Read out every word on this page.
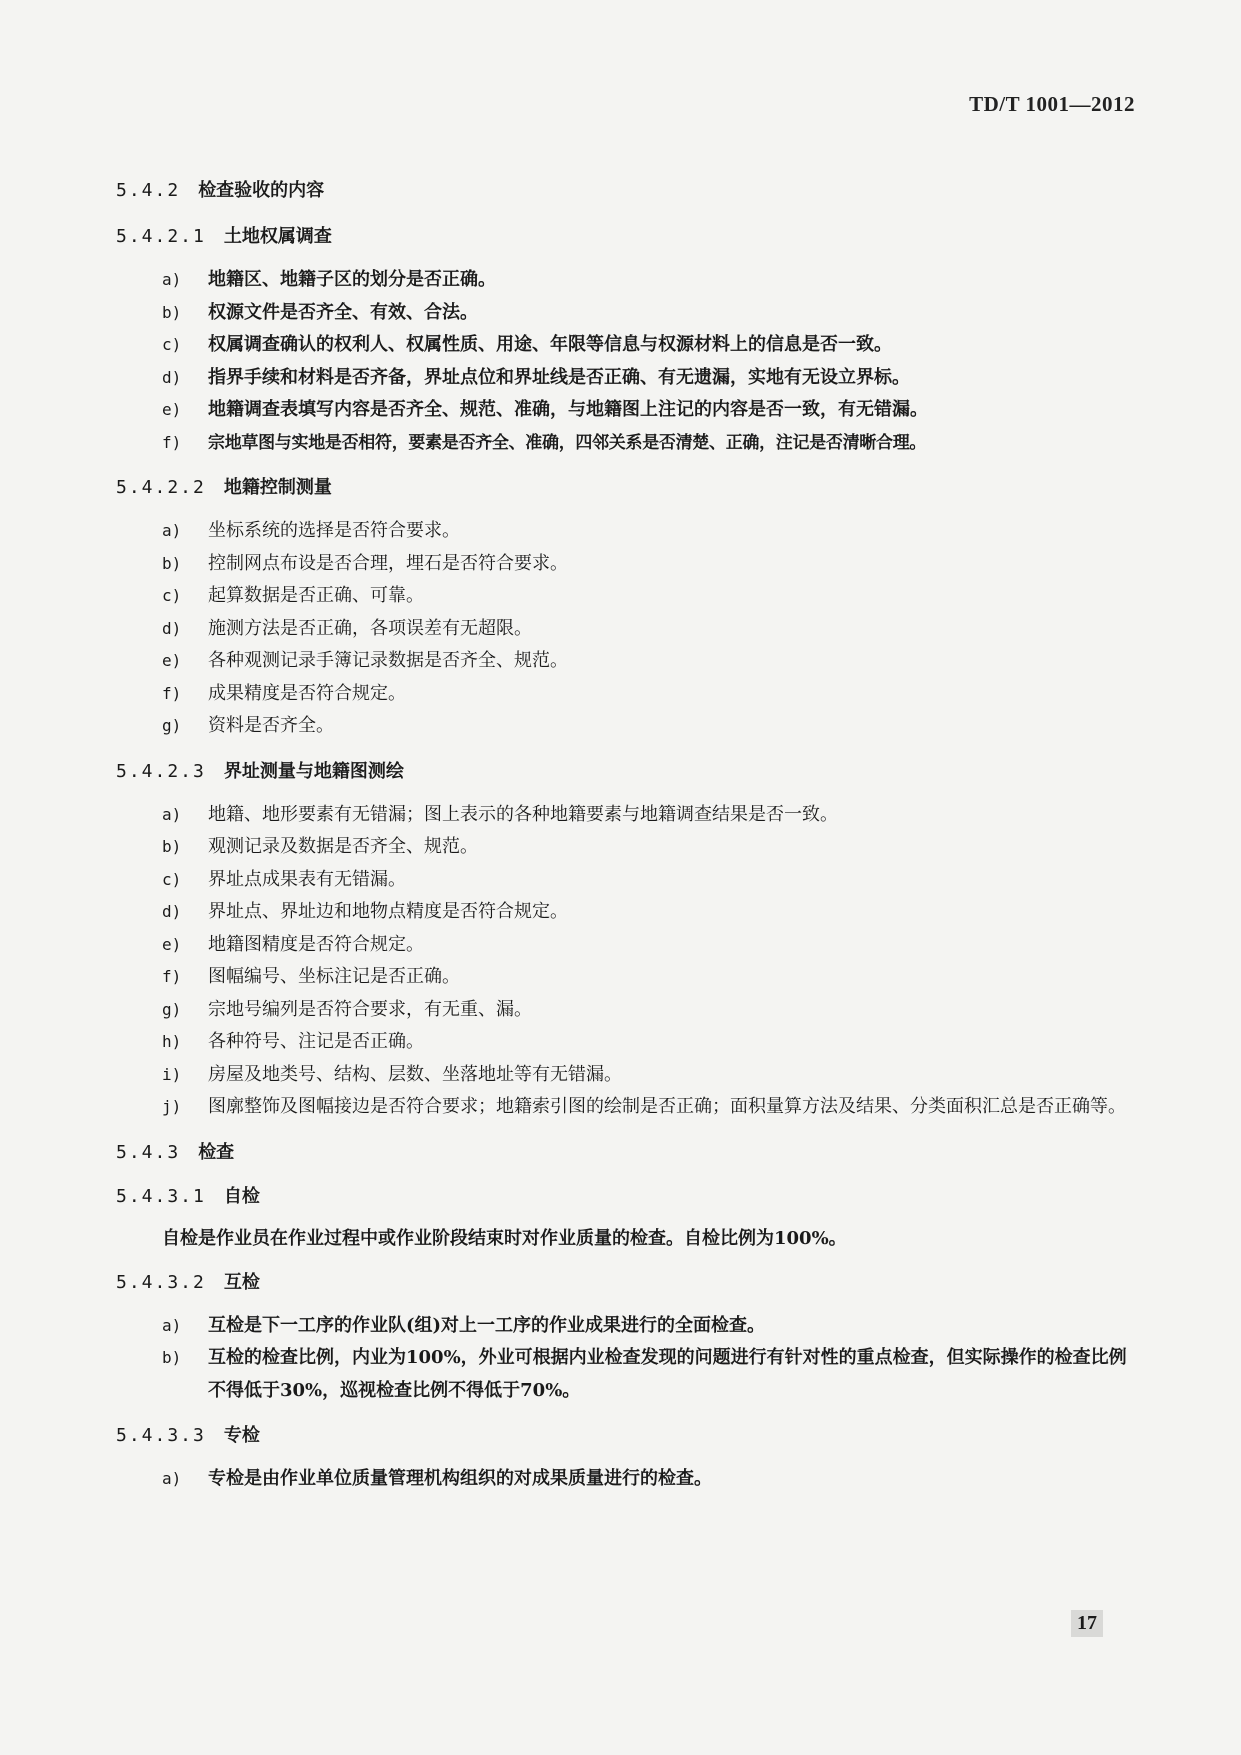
TD/T 1001—2012
5.4.2 检查验收的内容
5.4.2.1 土地权属调查
a)	地籍区、地籍子区的划分是否正确。
b)	权源文件是否齐全、有效、合法。
c)	权属调查确认的权利人、权属性质、用途、年限等信息与权源材料上的信息是否一致。
d)	指界手续和材料是否齐备，界址点位和界址线是否正确、有无遗漏，实地有无设立界标。
e)	地籍调查表填写内容是否齐全、规范、准确，与地籍图上注记的内容是否一致，有无错漏。
f)	宗地草图与实地是否相符，要素是否齐全、准确，四邻关系是否清楚、正确，注记是否清晰合理。
5.4.2.2 地籍控制测量
a)	坐标系统的选择是否符合要求。
b)	控制网点布设是否合理，埋石是否符合要求。
c)	起算数据是否正确、可靠。
d)	施测方法是否正确，各项误差有无超限。
e)	各种观测记录手簿记录数据是否齐全、规范。
f)	成果精度是否符合规定。
g)	资料是否齐全。
5.4.2.3 界址测量与地籍图测绘
a)	地籍、地形要素有无错漏；图上表示的各种地籍要素与地籍调查结果是否一致。
b)	观测记录及数据是否齐全、规范。
c)	界址点成果表有无错漏。
d)	界址点、界址边和地物点精度是否符合规定。
e)	地籍图精度是否符合规定。
f)	图幅编号、坐标注记是否正确。
g)	宗地号编列是否符合要求，有无重、漏。
h)	各种符号、注记是否正确。
i)	房屋及地类号、结构、层数、坐落地址等有无错漏。
j)	图廓整饰及图幅接边是否符合要求；地籍索引图的绘制是否正确；面积量算方法及结果、分类面积汇总是否正确等。
5.4.3 检查
5.4.3.1 自检

自检是作业员在作业过程中或作业阶段结束时对作业质量的检查。自检比例为100%。

5.4.3.2 互检
a)	互检是下一工序的作业队(组)对上一工序的作业成果进行的全面检查。
b)	互检的检查比例，内业为100%，外业可根据内业检查发现的问题进行有针对性的重点检查，但实际操作的检查比例不得低于30%，巡视检查比例不得低于70%。
5.4.3.3 专检
a)	专检是由作业单位质量管理机构组织的对成果质量进行的检查。
17
